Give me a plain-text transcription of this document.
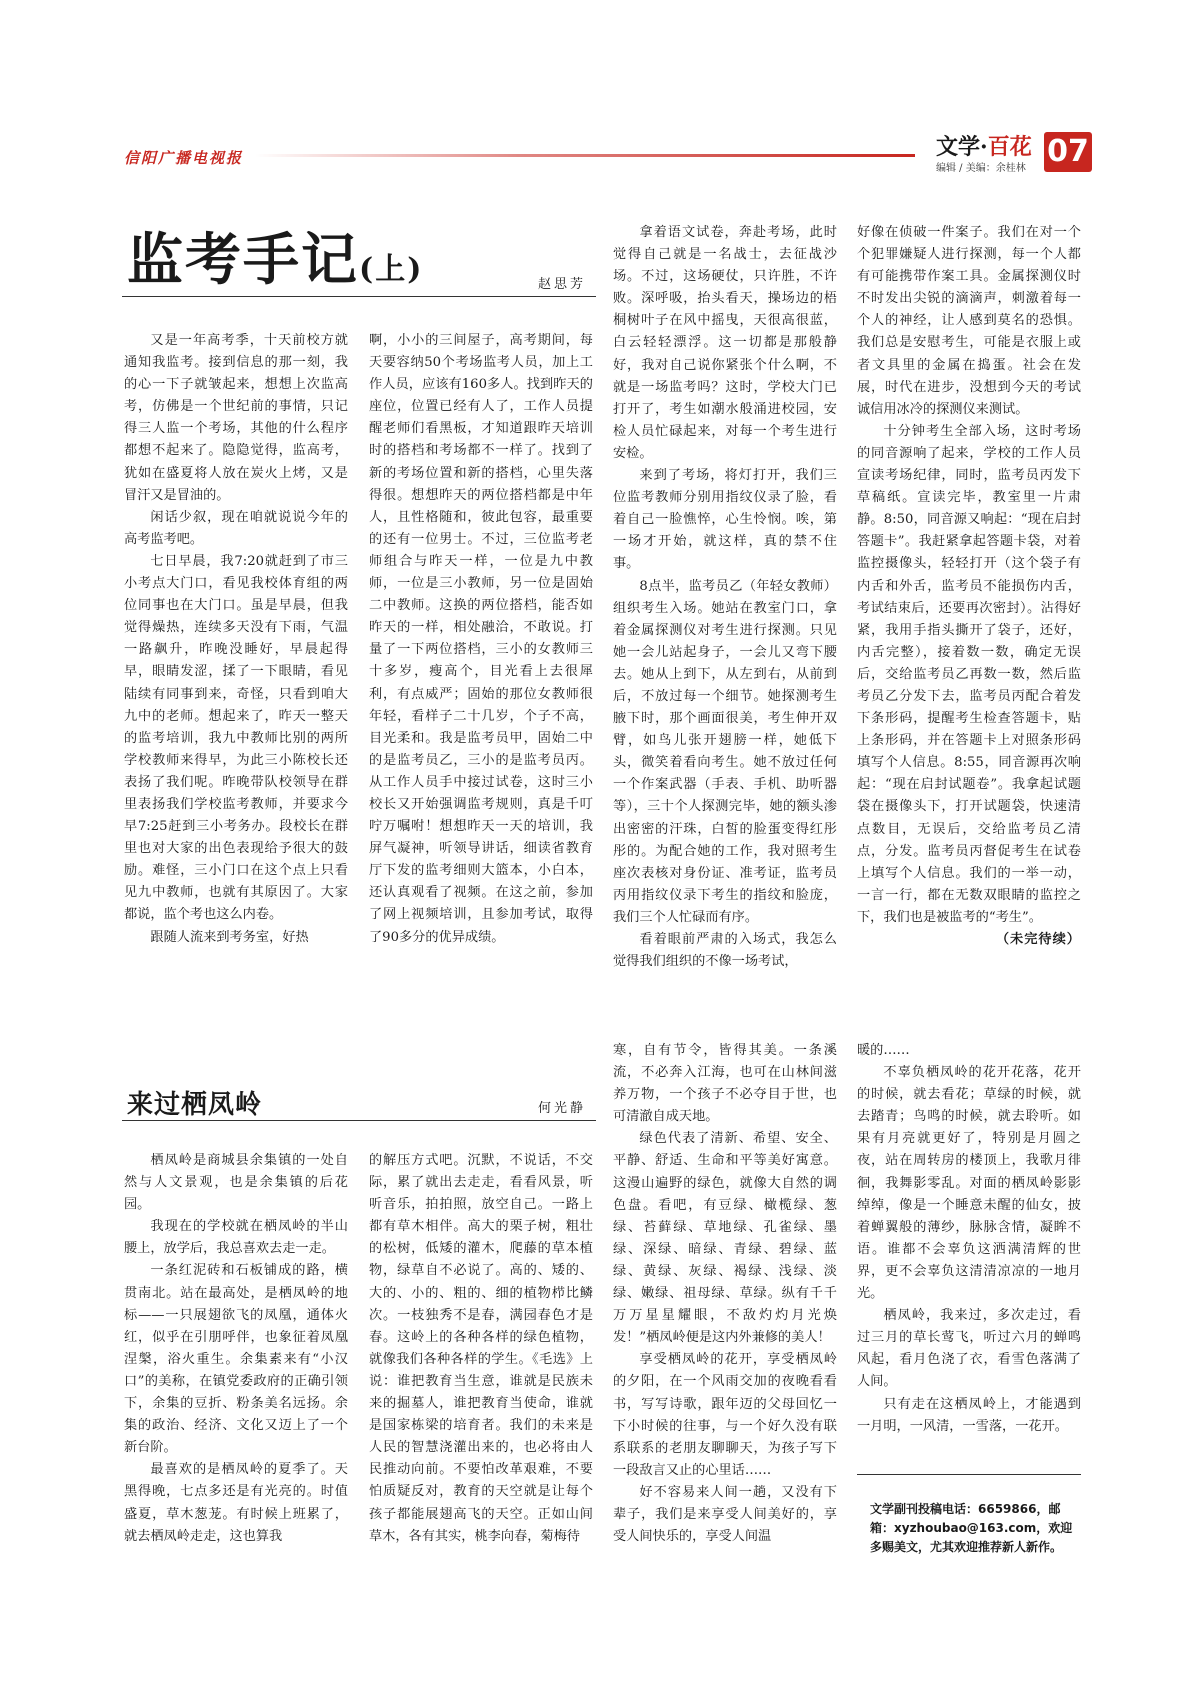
信阳广播电视报	文学·百花
编辑 / 美编：余桂林 07
监考手记(上)	赵思芳

又是一年高考季，十天前校方就通知我监考。接到信息的那一刻，我的心一下子就皱起来，想想上次监高考，仿佛是一个世纪前的事情，只记得三人监一个考场，其他的什么程序都想不起来了。隐隐觉得，监高考，犹如在盛夏将人放在炭火上烤，又是冒汗又是冒油的。

闲话少叙，现在咱就说说今年的高考监考吧。

七日早晨，我7:20就赶到了市三小考点大门口，看见我校体育组的两位同事也在大门口。虽是早晨，但我觉得燥热，连续多天没有下雨，气温一路飙升，昨晚没睡好，早晨起得早，眼睛发涩，揉了一下眼睛，看见陆续有同事到来，奇怪，只看到咱大九中的老师。想起来了，昨天一整天的监考培训，我九中教师比别的两所学校教师来得早，为此三小陈校长还表扬了我们呢。昨晚带队校领导在群里表扬我们学校监考教师，并要求今早7:25赶到三小考务办。段校长在群里也对大家的出色表现给予很大的鼓励。难怪，三小门口在这个点上只看见九中教师，也就有其原因了。大家都说，监个考也这么内卷。

跟随人流来到考务室，好热

啊，小小的三间屋子，高考期间，每天要容纳50个考场监考人员，加上工作人员，应该有160多人。找到昨天的座位，位置已经有人了，工作人员提醒老师们看黑板，才知道跟昨天培训时的搭档和考场都不一样了。找到了新的考场位置和新的搭档，心里失落得很。想想昨天的两位搭档都是中年人，且性格随和，彼此包容，最重要的还有一位男士。不过，三位监考老师组合与昨天一样，一位是九中教师，一位是三小教师，另一位是固始二中教师。这换的两位搭档，能否如昨天的一样，相处融洽，不敢说。打量了一下两位搭档，三小的女教师三十多岁，瘦高个，目光看上去很犀利，有点威严；固始的那位女教师很年轻，看样子二十几岁，个子不高，目光柔和。我是监考员甲，固始二中的是监考员乙，三小的是监考员丙。从工作人员手中接过试卷，这时三小校长又开始强调监考规则，真是千叮咛万嘱咐！想想昨天一天的培训，我屏气凝神，听领导讲话，细读省教育厅下发的监考细则大篮本，小白本，还认真观看了视频。在这之前，参加了网上视频培训，且参加考试，取得了90多分的优异成绩。

拿着语文试卷，奔赴考场，此时觉得自己就是一名战士，去征战沙场。不过，这场硬仗，只许胜，不许败。深呼吸，抬头看天，操场边的梧桐树叶子在风中摇曳，天很高很蓝，白云轻轻漂浮。这一切都是那般静好，我对自己说你紧张个什么啊，不就是一场监考吗？这时，学校大门已打开了，考生如潮水般涌进校园，安检人员忙碌起来，对每一个考生进行安检。

来到了考场，将灯打开，我们三位监考教师分别用指纹仪录了脸，看着自己一脸憔悴，心生怜悯。唉，第一场才开始，就这样，真的禁不住事。

8点半，监考员乙（年轻女教师）组织考生入场。她站在教室门口，拿着金属探测仪对考生进行探测。只见她一会儿站起身子，一会儿又弯下腰去。她从上到下，从左到右，从前到后，不放过每一个细节。她探测考生腋下时，那个画面很美，考生伸开双臂，如鸟儿张开翅膀一样，她低下头，微笑着看向考生。她不放过任何一个作案武器（手表、手机、助听器等），三十个人探测完毕，她的额头渗出密密的汗珠，白皙的脸蛋变得红彤彤的。为配合她的工作，我对照考生座次表核对身份证、准考证，监考员丙用指纹仪录下考生的指纹和脸庞，我们三个人忙碌而有序。

看着眼前严肃的入场式，我怎么觉得我们组织的不像一场考试，

好像在侦破一件案子。我们在对一个个犯罪嫌疑人进行探测，每一个人都有可能携带作案工具。金属探测仪时不时发出尖锐的滴滴声，刺激着每一个人的神经，让人感到莫名的恐惧。我们总是安慰考生，可能是衣服上或者文具里的金属在捣蛋。社会在发展，时代在进步，没想到今天的考试诚信用冰冷的探测仪来测试。

十分钟考生全部入场，这时考场的同音源响了起来，学校的工作人员宣读考场纪律，同时，监考员丙发下草稿纸。宣读完毕，教室里一片肃静。8:50，同音源又响起：“现在启封答题卡”。我赶紧拿起答题卡袋，对着监控摄像头，轻轻打开（这个袋子有内舌和外舌，监考员不能损伤内舌，考试结束后，还要再次密封）。沾得好紧，我用手指头撕开了袋子，还好，内舌完整），接着数一数，确定无误后，交给监考员乙再数一数，然后监考员乙分发下去，监考员丙配合着发下条形码，提醒考生检查答题卡，贴上条形码，并在答题卡上对照条形码填写个人信息。8:55，同音源再次响起：“现在启封试题卷”。我拿起试题袋在摄像头下，打开试题袋，快速清点数目，无误后，交给监考员乙清点，分发。监考员丙督促考生在试卷上填写个人信息。我们的一举一动，一言一行，都在无数双眼睛的监控之下，我们也是被监考的“考生”。
（未完待续）

来过栖凤岭	何光静

栖凤岭是商城县余集镇的一处自然与人文景观，也是余集镇的后花园。

我现在的学校就在栖凤岭的半山腰上，放学后，我总喜欢去走一走。

一条红泥砖和石板铺成的路，横贯南北。站在最高处，是栖凤岭的地标——一只展翅欲飞的凤凰，通体火红，似乎在引朋呼伴，也象征着凤凰涅槃，浴火重生。余集素来有“小汉口”的美称，在镇党委政府的正确引领下，余集的豆折、粉条美名远扬。余集的政治、经济、文化又迈上了一个新台阶。

最喜欢的是栖凤岭的夏季了。天黑得晚，七点多还是有光亮的。时值盛夏，草木葱茏。有时候上班累了，就去栖凤岭走走，这也算我

的解压方式吧。沉默，不说话，不交际，累了就出去走走，看看风景，听听音乐，拍拍照，放空自己。一路上都有草木相伴。高大的栗子树，粗壮的松树，低矮的灌木，爬藤的草本植物，绿草自不必说了。高的、矮的、大的、小的、粗的、细的植物栉比鳞次。一枝独秀不是春，满园春色才是春。这岭上的各种各样的绿色植物，就像我们各种各样的学生。《毛选》上说：谁把教育当生意，谁就是民族未来的掘墓人，谁把教育当使命，谁就是国家栋梁的培育者。我们的未来是人民的智慧浇灌出来的，也必将由人民推动向前。不要怕改革艰难，不要怕质疑反对，教育的天空就是让每个孩子都能展翅高飞的天空。正如山间草木，各有其实，桃李向春，菊梅待

寒，自有节令，皆得其美。一条溪流，不必奔入江海，也可在山林间滋养万物，一个孩子不必夺目于世，也可清澈自成天地。

绿色代表了清新、希望、安全、平静、舒适、生命和平等美好寓意。这漫山遍野的绿色，就像大自然的调色盘。看吧，有豆绿、橄榄绿、葱绿、苔藓绿、草地绿、孔雀绿、墨绿、深绿、暗绿、青绿、碧绿、蓝绿、黄绿、灰绿、褐绿、浅绿、淡绿、嫩绿、祖母绿、草绿。纵有千千万万星星耀眼，不敌灼灼月光焕发！”栖凤岭便是这内外兼修的美人！

享受栖凤岭的花开，享受栖凤岭的夕阳，在一个风雨交加的夜晚看看书，写写诗歌，跟年迈的父母回忆一下小时候的往事，与一个好久没有联系联系的老朋友聊聊天，为孩子写下一段敌言又止的心里话……

好不容易来人间一趟，又没有下辈子，我们是来享受人间美好的，享受人间快乐的，享受人间温

暖的……

不辜负栖凤岭的花开花落，花开的时候，就去看花；草绿的时候，就去踏青；鸟鸣的时候，就去聆听。如果有月亮就更好了，特别是月圆之夜，站在周转房的楼顶上，我歌月徘徊，我舞影零乱。对面的栖凤岭影影绰绰，像是一个睡意未醒的仙女，披着蝉翼般的薄纱，脉脉含情，凝眸不语。谁都不会辜负这洒满清辉的世界，更不会辜负这清清凉凉的一地月光。

栖凤岭，我来过，多次走过，看过三月的草长莺飞，听过六月的蝉鸣风起，看月色浇了衣，看雪色落满了人间。

只有走在这栖凤岭上，才能遇到一月明，一风清，一雪落，一花开。

文学副刊投稿电话：6659866，邮箱：xyzhoubao@163.com，欢迎多赐美文，尤其欢迎推荐新人新作。
